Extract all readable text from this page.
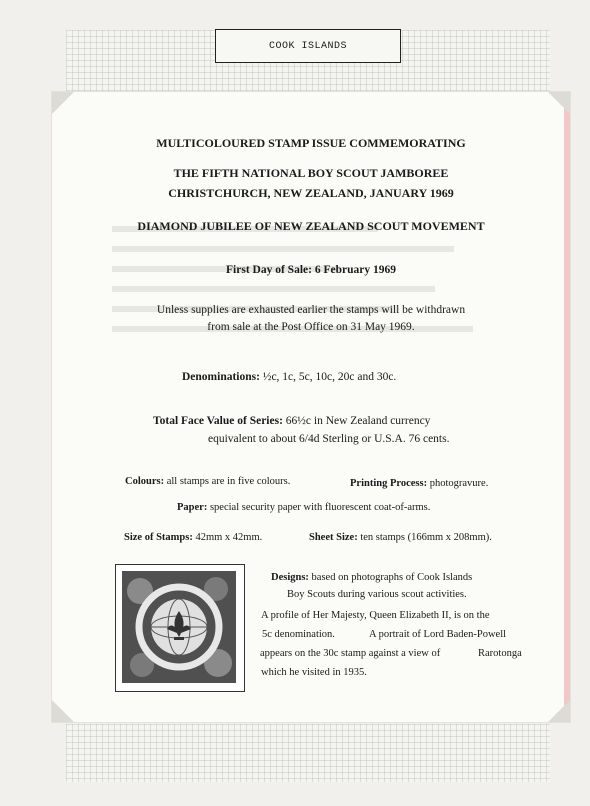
COOK ISLANDS
MULTICOLOURED STAMP ISSUE COMMEMORATING
THE FIFTH NATIONAL BOY SCOUT JAMBOREE
CHRISTCHURCH, NEW ZEALAND, JANUARY 1969
DIAMOND JUBILEE OF NEW ZEALAND SCOUT MOVEMENT
First Day of Sale: 6 February 1969
Unless supplies are exhausted earlier the stamps will be withdrawn
from sale at the Post Office on 31 May 1969.
Denominations: ½c, 1c, 5c, 10c, 20c and 30c.
Total Face Value of Series: 66½c in New Zealand currency
equivalent to about 6/4d Sterling or U.S.A. 76 cents.
Colours: all stamps are in five colours.	Printing Process: photogravure.
Paper: special security paper with fluorescent coat-of-arms.
Size of Stamps: 42mm x 42mm.	Sheet Size: ten stamps (166mm x 208mm).
Designs: based on photographs of Cook Islands
Boy Scouts during various scout activities.
A profile of Her Majesty, Queen Elizabeth II, is on the
5c denomination.	A portrait of Lord Baden-Powell
appears on the 30c stamp against a view of	Rarotonga
which he visited in 1935.
